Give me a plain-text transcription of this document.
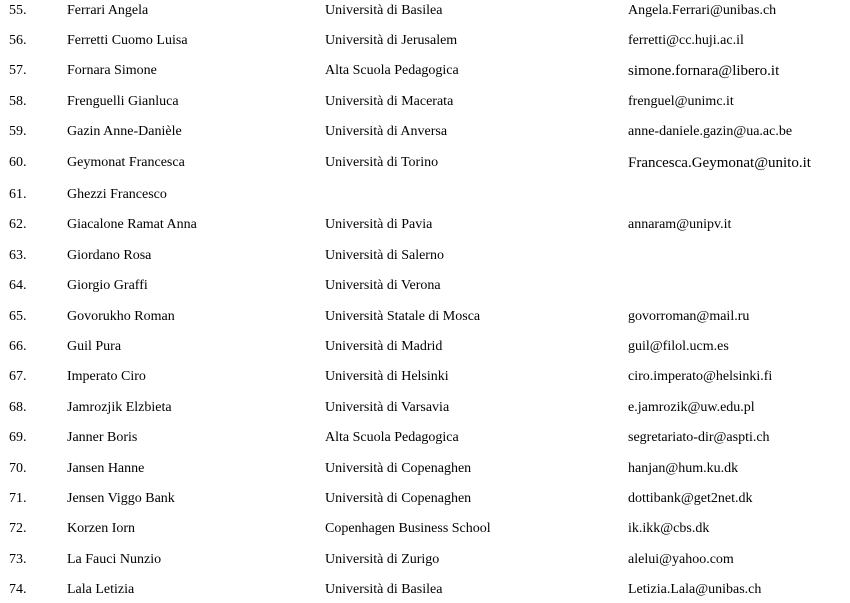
55.	Ferrari Angela	Università di Basilea	Angela.Ferrari@unibas.ch
56.	Ferretti Cuomo Luisa	Università di Jerusalem	ferretti@cc.huji.ac.il
57.	Fornara Simone	Alta Scuola Pedagogica	simone.fornara@libero.it
58.	Frenguelli Gianluca	Università di Macerata	frenguel@unimc.it
59.	Gazin Anne-Danièle	Università di Anversa	anne-daniele.gazin@ua.ac.be
60.	Geymonat Francesca	Università di Torino	Francesca.Geymonat@unito.it
61.	Ghezzi Francesco
62.	Giacalone Ramat Anna	Università di Pavia	annaram@unipv.it
63.	Giordano Rosa	Università di Salerno
64.	Giorgio Graffi	Università di Verona
65.	Govorukho Roman	Università Statale di Mosca	govorroman@mail.ru
66.	Guil Pura	Università di Madrid	guil@filol.ucm.es
67.	Imperato Ciro	Università di Helsinki	ciro.imperato@helsinki.fi
68.	Jamrozjik Elzbieta	Università di Varsavia	e.jamrozik@uw.edu.pl
69.	Janner Boris	Alta Scuola Pedagogica	segretariato-dir@aspti.ch
70.	Jansen Hanne	Università di Copenaghen	hanjan@hum.ku.dk
71.	Jensen Viggo Bank	Università di Copenaghen	dottibank@get2net.dk
72.	Korzen Iorn	Copenhagen Business School	ik.ikk@cbs.dk
73.	La Fauci Nunzio	Università di Zurigo	alelui@yahoo.com
74.	Lala Letizia	Università di Basilea	Letizia.Lala@unibas.ch
